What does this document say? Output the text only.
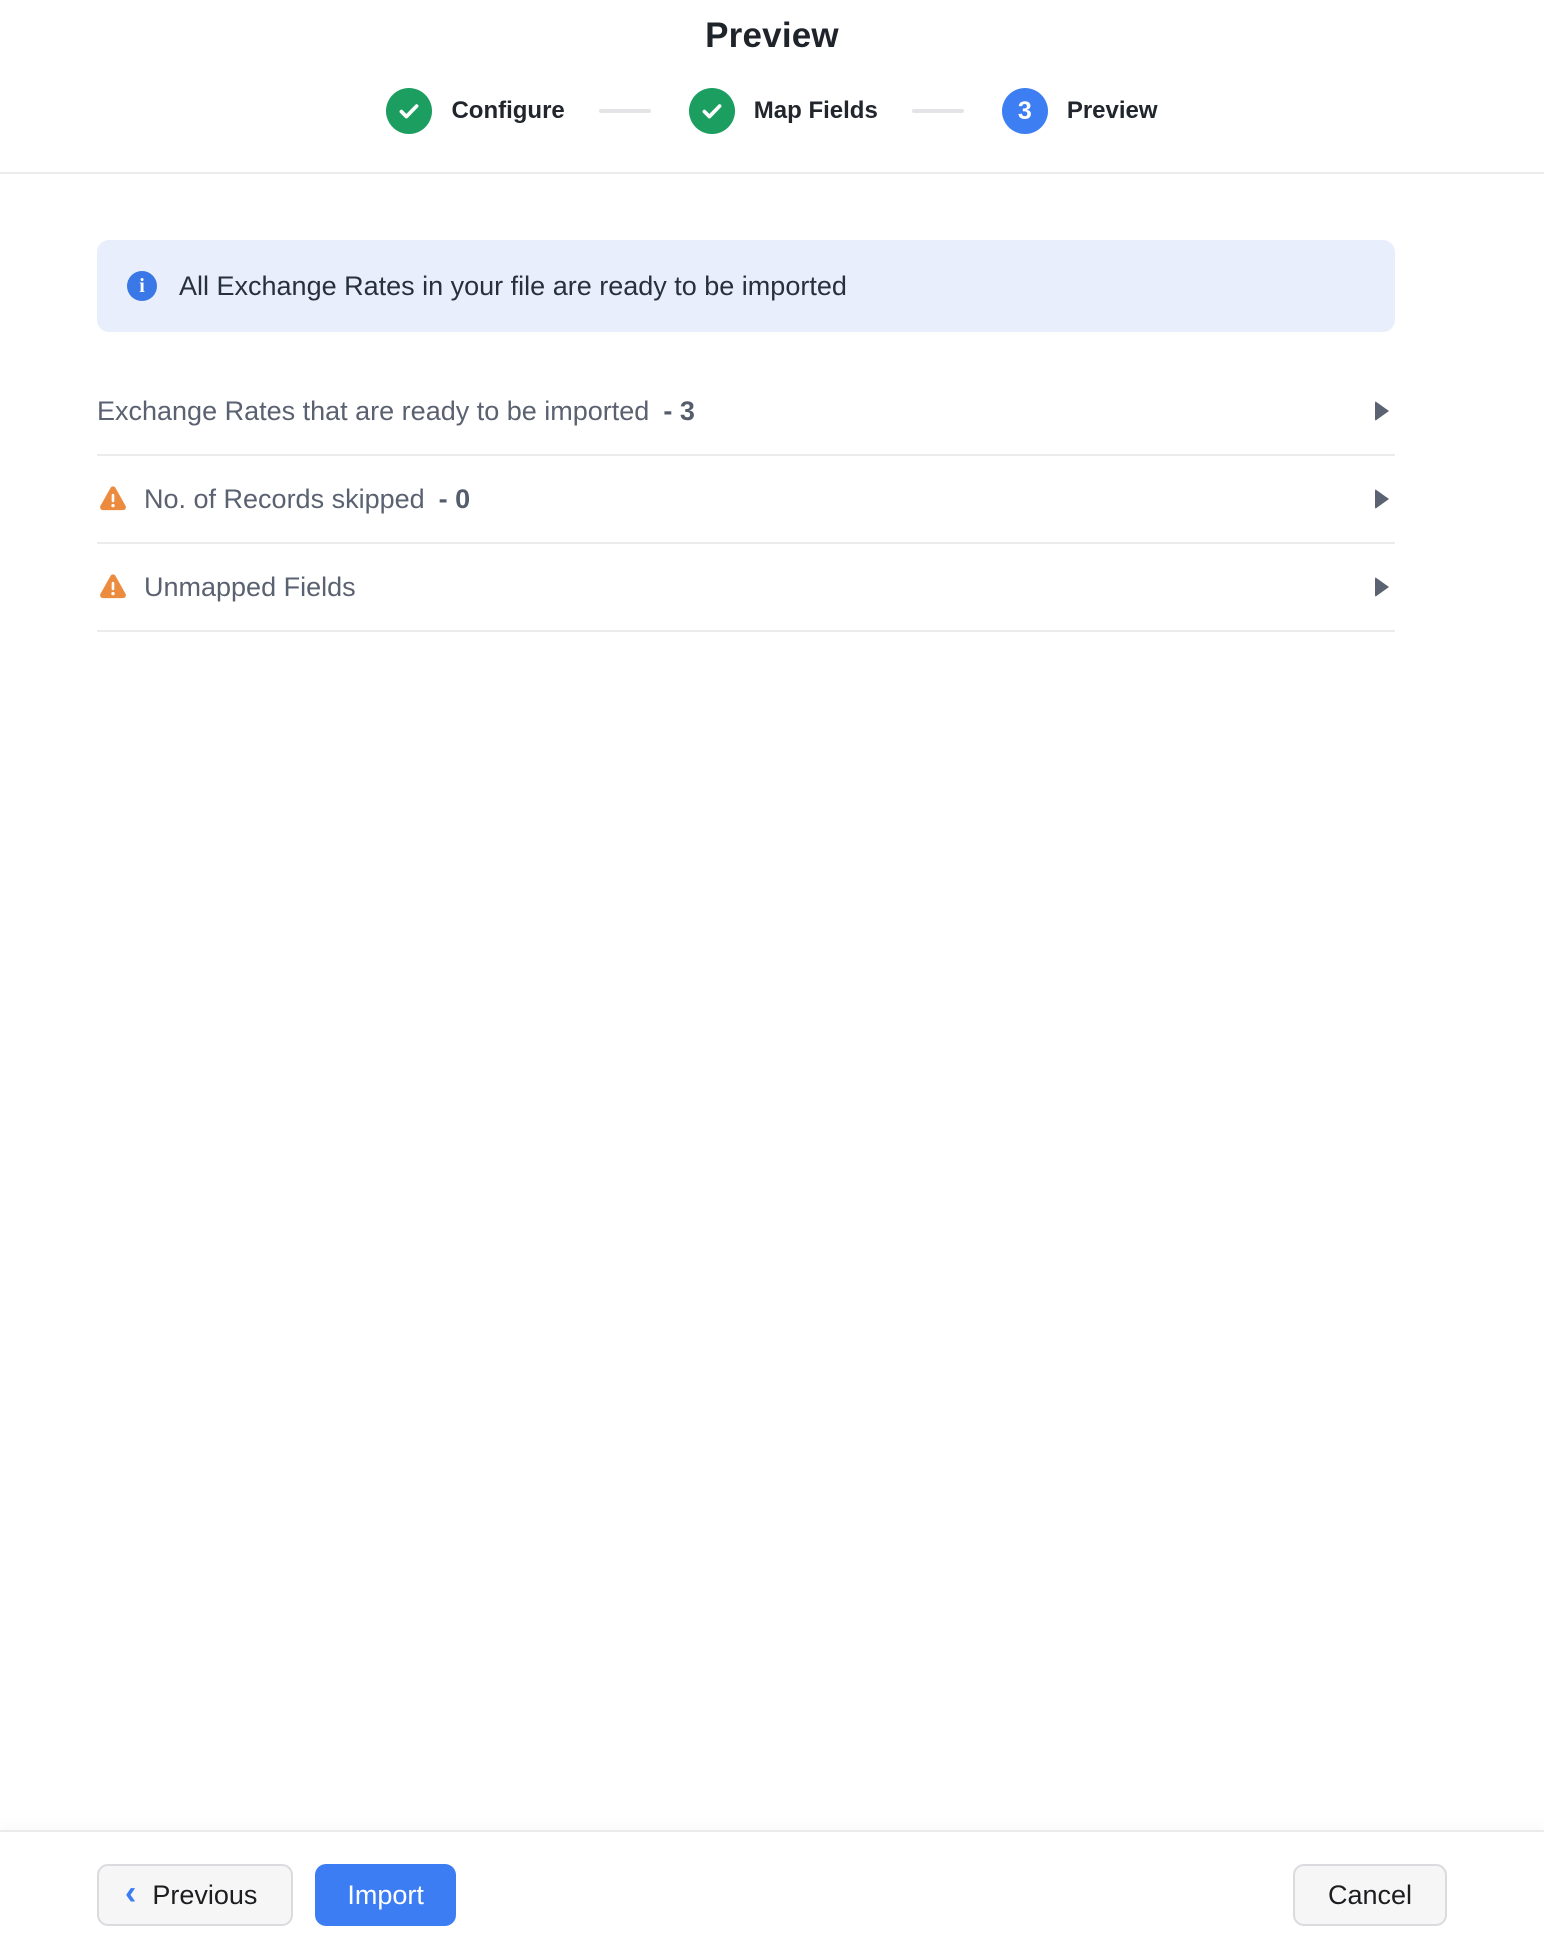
Preview
Configure	Map Fields	3	Preview
i	All Exchange Rates in your file are ready to be imported
Exchange Rates that are ready to be imported - 3
No. of Records skipped - 0
Unmapped Fields
‹ Previous	Import	Cancel
